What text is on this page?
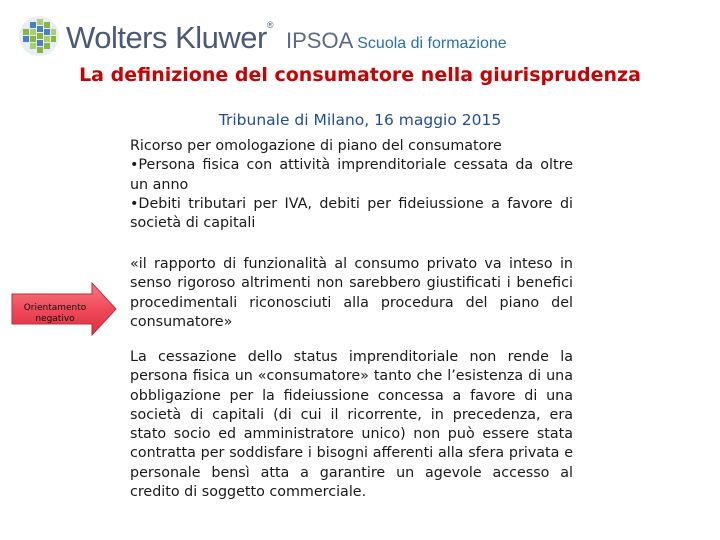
Wolters Kluwer®
IPSOA Scuola di formazione
La definizione del consumatore nella giurisprudenza
Tribunale di Milano, 16 maggio 2015

Ricorso per omologazione di piano del consumatore

•Persona fisica con attività imprenditoriale cessata da oltre un anno

•Debiti tributari per IVA, debiti per fideiussione a favore di società di capitali

«il rapporto di funzionalità al consumo privato va inteso in senso rigoroso altrimenti non sarebbero giustificati i benefici procedimentali riconosciuti alla procedura del piano del consumatore»
La cessazione dello status imprenditoriale non rende la persona fisica un «consumatore» tanto che l’esistenza di una obbligazione per la fideiussione concessa a favore di una società di capitali (di cui il ricorrente, in precedenza, era stato socio ed amministratore unico) non può essere stata contratta per soddisfare i bisogni afferenti alla sfera privata e personale bensì atta a garantire un agevole accesso al credito di soggetto commerciale.
Orientamento
negativo
